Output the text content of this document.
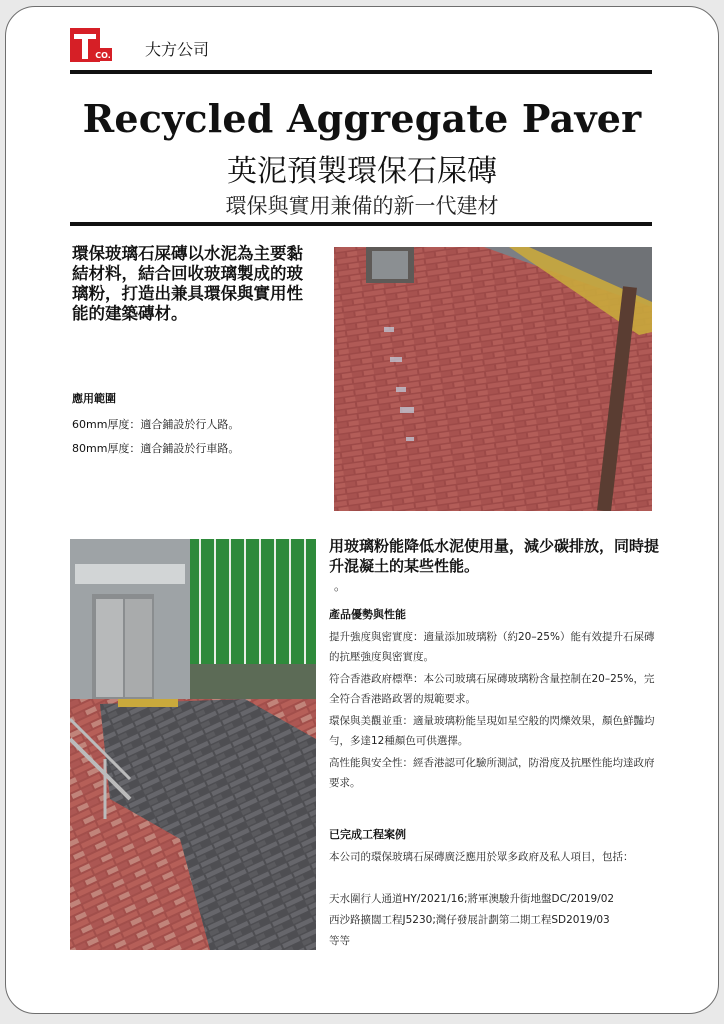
CO. 大方公司
Recycled Aggregate Paver
英泥預製環保石屎磚
環保與實用兼備的新一代建材
環保玻璃石屎磚以水泥為主要黏結材料，結合回收玻璃製成的玻璃粉，打造出兼具環保與實用性能的建築磚材。
應用範圍
60mm厚度：適合鋪設於行人路。
80mm厚度：適合鋪設於行車路。
用玻璃粉能降低水泥使用量，減少碳排放，同時提升混凝土的某些性能。
。
產品優勢與性能
提升強度與密實度：適量添加玻璃粉（約20–25%）能有效提升石屎磚的抗壓強度與密實度。
符合香港政府標準：本公司玻璃石屎磚玻璃粉含量控制在20–25%，完全符合香港路政署的規範要求。
環保與美觀並重：適量玻璃粉能呈現如星空般的閃爍效果，顏色鮮豔均勻，多達12種顏色可供選擇。
高性能與安全性：經香港認可化驗所測試，防滑度及抗壓性能均達政府要求。
已完成工程案例
本公司的環保玻璃石屎磚廣泛應用於眾多政府及私人項目，包括：
天水圍行人通道HY/2021/16;將軍澳駿升街地盤DC/2019/02
西沙路擴闊工程J5230;灣仔發展計劃第二期工程SD2019/03
等等
